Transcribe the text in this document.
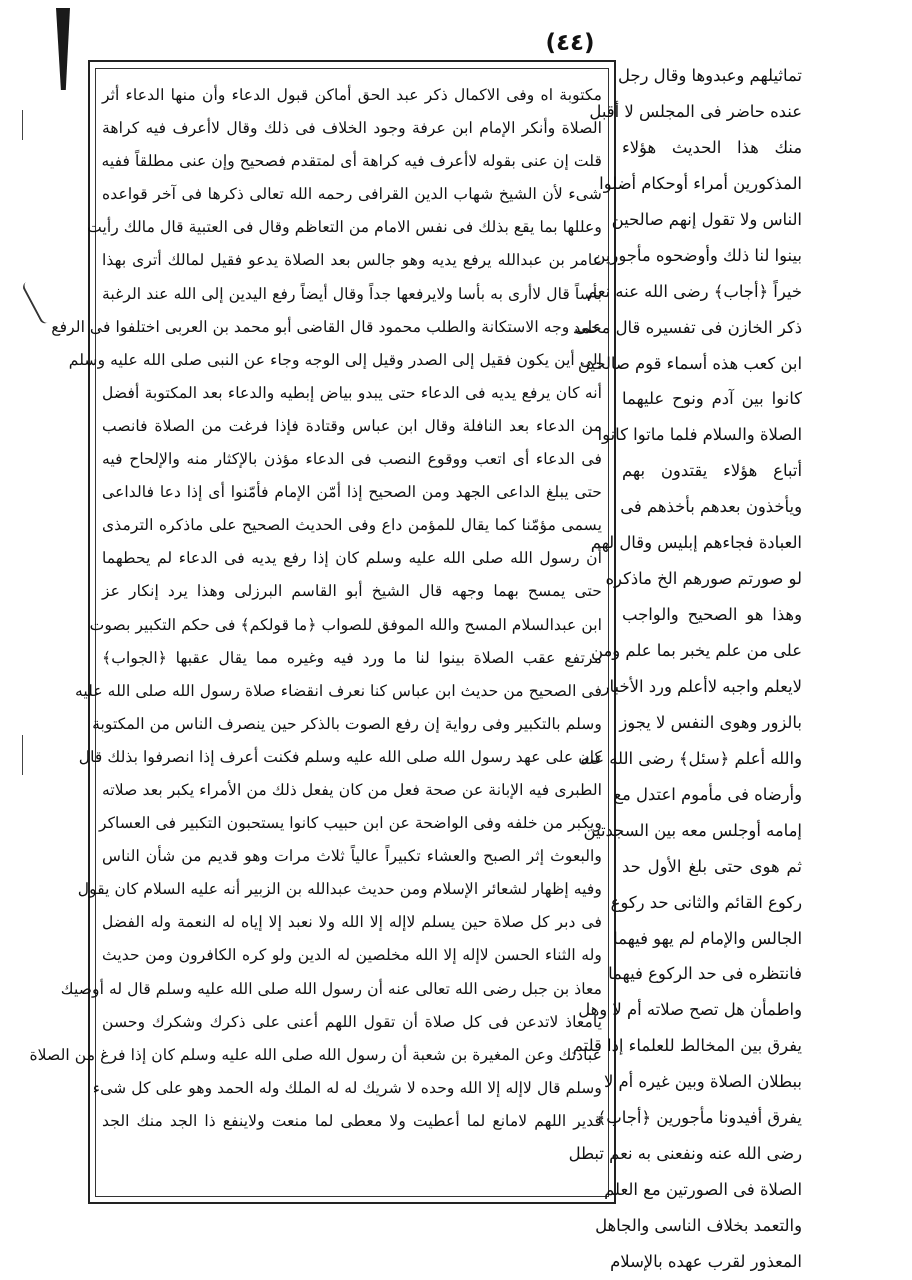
(٤٤)
مكتوبة اه وفى الاكمال ذكر عبد الحق أماكن قبول الدعاء وأن منها الدعاء أثر
الصلاة وأنكر الإمام ابن عرفة وجود الخلاف فى ذلك وقال لاأعرف فيه كراهة
قلت إن عنى بقوله لاأعرف فيه كراهة أى لمتقدم فصحيح وإن عنى مطلقاً ففيه
شىء لأن الشيخ شهاب الدين القرافى رحمه الله تعالى ذكرها فى آخر قواعده
وعللها بما يقع بذلك فى نفس الامام من التعاظم وقال فى العتبية قال مالك رأيت
عامر بن عبدالله يرفع يديه وهو جالس بعد الصلاة يدعو فقيل لمالك أترى بهذا
بأساً قال لاأرى به بأسا ولايرفعها جداً وقال أيضاً رفع اليدين إلى الله عند الرغبة
على وجه الاستكانة والطلب محمود قال القاضى أبو محمد بن العربى اختلفوا فى الرفع
إلى أين يكون فقيل إلى الصدر وقيل إلى الوجه وجاء عن النبى صلى الله عليه وسلم
أنه كان يرفع يديه فى الدعاء حتى يبدو بياض إبطيه والدعاء بعد المكتوبة أفضل
من الدعاء بعد النافلة وقال ابن عباس وقتادة فإذا فرغت من الصلاة فانصب
فى الدعاء أى اتعب ووقوع النصب فى الدعاء مؤذن بالإكثار منه والإلحاح فيه
حتى يبلغ الداعى الجهد ومن الصحيح إذا أمّن الإمام فأمّنوا أى إذا دعا فالداعى
يسمى مؤمّنا كما يقال للمؤمن داع وفى الحديث الصحيح على ماذكره الترمذى
أن رسول الله صلى الله عليه وسلم كان إذا رفع يديه فى الدعاء لم يحطهما
حتى يمسح بهما وجهه قال الشيخ أبو القاسم البرزلى وهذا يرد إنكار عز
ابن عبدالسلام المسح والله الموفق للصواب ﴿ما قولكم﴾ فى حكم التكبير بصوت
مرتفع عقب الصلاة بينوا لنا ما ورد فيه وغيره مما يقال عقبها ﴿الجواب﴾
فى الصحيح من حديث ابن عباس كنا نعرف انقضاء صلاة رسول الله صلى الله عليه
وسلم بالتكبير وفى رواية إن رفع الصوت بالذكر حين ينصرف الناس من المكتوبة
كان على عهد رسول الله صلى الله عليه وسلم فكنت أعرف إذا انصرفوا بذلك قال
الطبرى فيه الإبانة عن صحة فعل من كان يفعل ذلك من الأمراء يكبر بعد صلاته
ويكبر من خلفه وفى الواضحة عن ابن حبيب كانوا يستحبون التكبير فى العساكر
والبعوث إثر الصبح والعشاء تكبيراً عالياً ثلاث مرات وهو قديم من شأن الناس
وفيه إظهار لشعائر الإسلام ومن حديث عبدالله بن الزبير أنه عليه السلام كان يقول
فى دبر كل صلاة حين يسلم لاإله إلا الله ولا نعبد إلا إياه له النعمة وله الفضل
وله الثناء الحسن لاإله إلا الله مخلصين له الدين ولو كره الكافرون ومن حديث
معاذ بن جبل رضى الله تعالى عنه أن رسول الله صلى الله عليه وسلم قال له أوصيك
يامعاذ لاتدعن فى كل صلاة أن تقول اللهم أعنى على ذكرك وشكرك وحسن
عبادتك وعن المغيرة بن شعبة أن رسول الله صلى الله عليه وسلم كان إذا فرغ من الصلاة
وسلم قال لاإله إلا الله وحده لا شريك له له الملك وله الحمد وهو على كل شىء
قدير اللهم لامانع لما أعطيت ولا معطى لما منعت ولاينفع ذا الجد منك الجد
تماثيلهم وعبدوها وقال رجل
عنده حاضر فى المجلس لا أقبل
منك هذا الحديث هؤلاء
المذكورين أمراء أوحكام أضلوا
الناس ولا تقول إنهم صالحين
بينوا لنا ذلك وأوضحوه مأجورين
خيراً ﴿أجاب﴾ رضى الله عنه نعم
ذكر الخازن فى تفسيره قال محمد
ابن كعب هذه أسماء قوم صالحين
كانوا بين آدم ونوح عليهما
الصلاة والسلام فلما ماتوا كانوا
أتباع هؤلاء يقتدون بهم
ويأخذون بعدهم بأخذهم فى
العبادة فجاءهم إبليس وقال لهم
لو صورتم صورهم الخ ماذكره
وهذا هو الصحيح والواجب
على من علم يخبر بما علم ومن
لايعلم واجبه لاأعلم ورد الأخبار
بالزور وهوى النفس لا يجوز
والله أعلم ﴿سئل﴾ رضى الله عنه
وأرضاه فى مأموم اعتدل مع
إمامه أوجلس معه بين السجدتين
ثم هوى حتى بلغ الأول حد
ركوع القائم والثانى حد ركوع
الجالس والإمام لم يهو فيهما
فانتظره فى حد الركوع فيهما
واطمأن هل تصح صلاته أم لا وهل
يفرق بين المخالط للعلماء إذا قلتم
ببطلان الصلاة وبين غيره أم لا
يفرق أفيدونا مأجورين ﴿أجاب﴾
رضى الله عنه ونفعنى به نعم تبطل
الصلاة فى الصورتين مع العلم
والتعمد بخلاف الناسى والجاهل
المعذور لقرب عهده بالإسلام
